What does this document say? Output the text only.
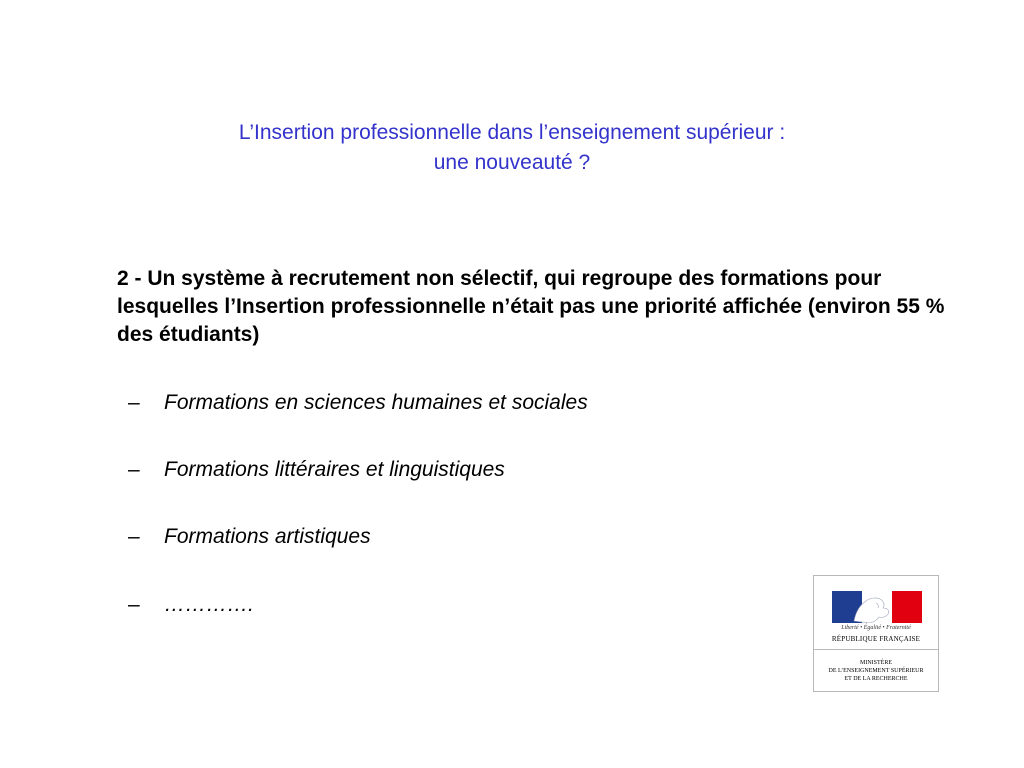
L’Insertion professionnelle dans l’enseignement supérieur :
une nouveauté ?
2 - Un système à recrutement non sélectif, qui regroupe des formations pour lesquelles l’Insertion professionnelle n’était pas une priorité affichée (environ 55 % des étudiants)
– Formations en sciences humaines et sociales
– Formations littéraires et linguistiques
– Formations artistiques
– ………….
Liberté • Égalité • Fraternité
RÉPUBLIQUE FRANÇAISE
MINISTÈRE
DE L’ENSEIGNEMENT SUPÉRIEUR
ET DE LA RECHERCHE
